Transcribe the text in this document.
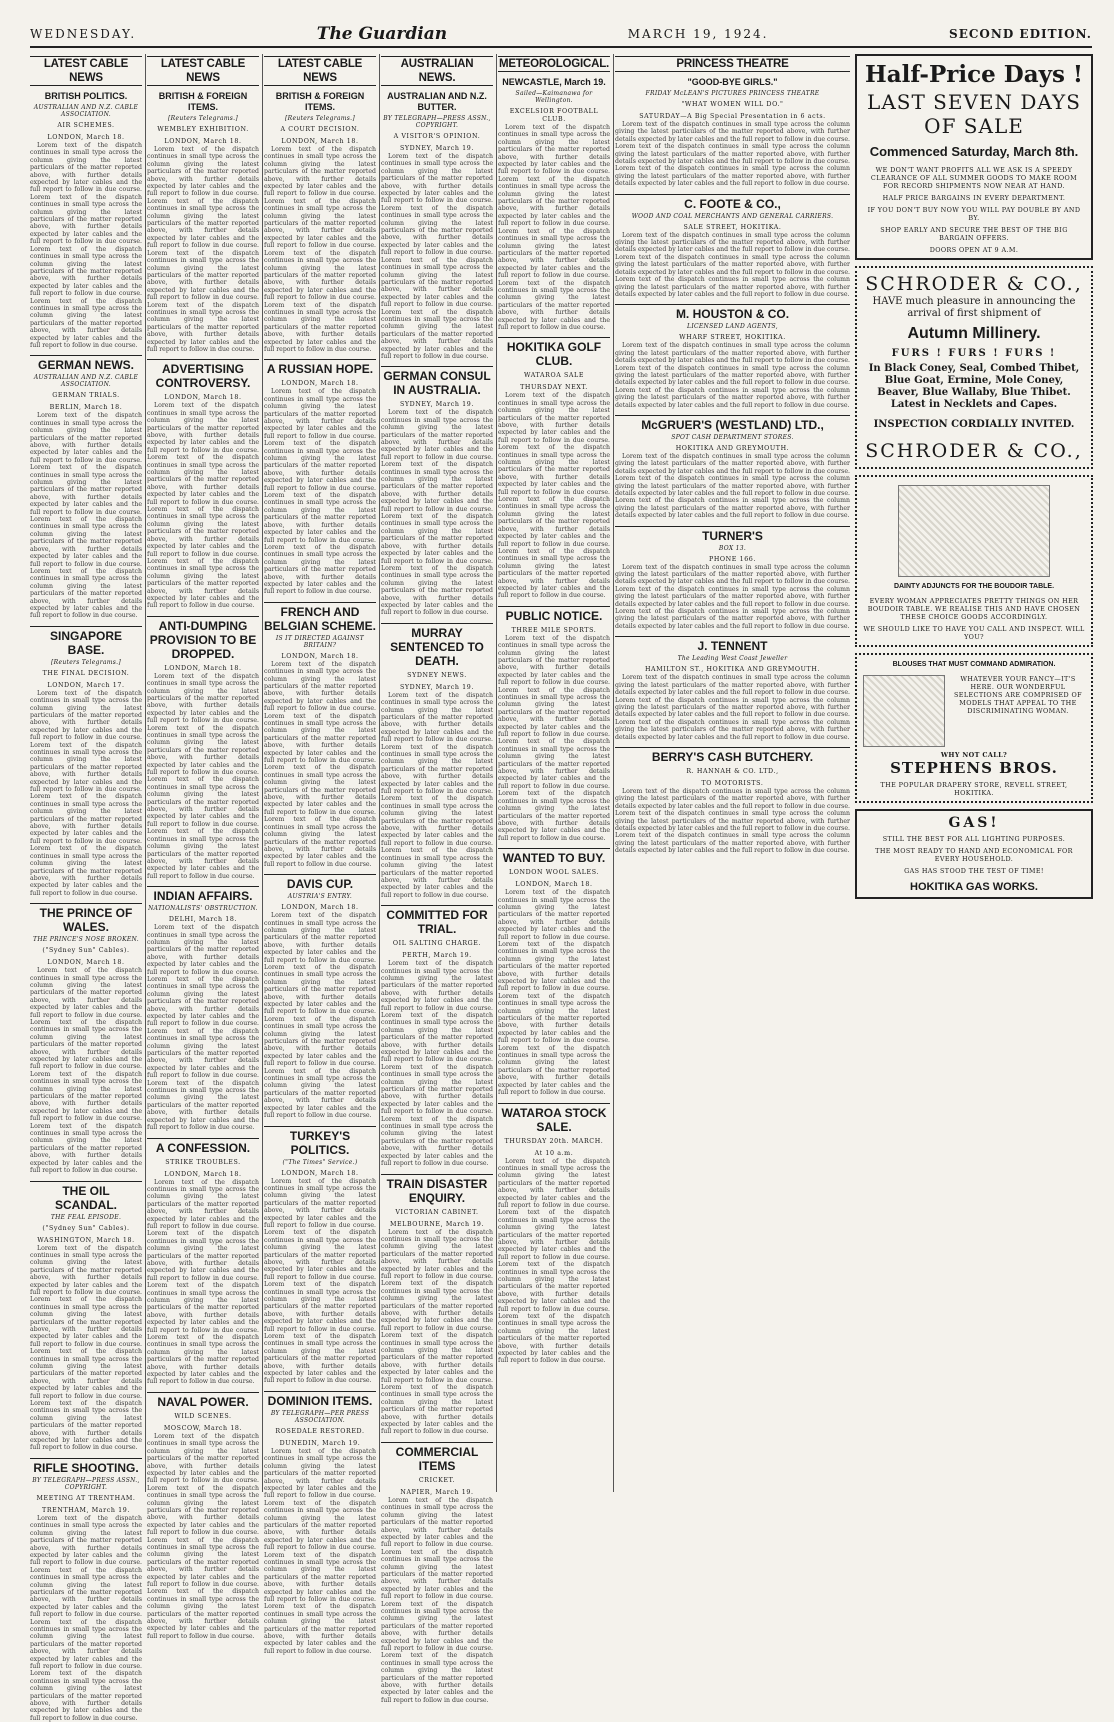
WEDNESDAY.	The Guardian	MARCH 19, 1924.	SECOND EDITION.
LATEST CABLE NEWS
BRITISH POLITICS.
AUSTRALIAN AND N.Z. CABLE ASSOCIATION.
AIR SCHEMES.
LONDON, March 18.
Lorem text of the dispatch continues in small type across the column giving the latest particulars of the matter reported above, with further details expected by later cables and the full report to follow in due course. Lorem text of the dispatch continues in small type across the column giving the latest particulars of the matter reported above, with further details expected by later cables and the full report to follow in due course. Lorem text of the dispatch continues in small type across the column giving the latest particulars of the matter reported above, with further details expected by later cables and the full report to follow in due course. Lorem text of the dispatch continues in small type across the column giving the latest particulars of the matter reported above, with further details expected by later cables and the full report to follow in due course.
GERMAN NEWS.
AUSTRALIAN AND N.Z. CABLE ASSOCIATION.
GERMAN TRIALS.
BERLIN, March 18.
Lorem text of the dispatch continues in small type across the column giving the latest particulars of the matter reported above, with further details expected by later cables and the full report to follow in due course. Lorem text of the dispatch continues in small type across the column giving the latest particulars of the matter reported above, with further details expected by later cables and the full report to follow in due course. Lorem text of the dispatch continues in small type across the column giving the latest particulars of the matter reported above, with further details expected by later cables and the full report to follow in due course. Lorem text of the dispatch continues in small type across the column giving the latest particulars of the matter reported above, with further details expected by later cables and the full report to follow in due course.
SINGAPORE BASE.
[Reuters Telegrams.]
THE FINAL DECISION.
LONDON, March 17.
Lorem text of the dispatch continues in small type across the column giving the latest particulars of the matter reported above, with further details expected by later cables and the full report to follow in due course. Lorem text of the dispatch continues in small type across the column giving the latest particulars of the matter reported above, with further details expected by later cables and the full report to follow in due course. Lorem text of the dispatch continues in small type across the column giving the latest particulars of the matter reported above, with further details expected by later cables and the full report to follow in due course. Lorem text of the dispatch continues in small type across the column giving the latest particulars of the matter reported above, with further details expected by later cables and the full report to follow in due course.
THE PRINCE OF WALES.
THE PRINCE'S NOSE BROKEN.
("Sydney Sun" Cables).
LONDON, March 18.
Lorem text of the dispatch continues in small type across the column giving the latest particulars of the matter reported above, with further details expected by later cables and the full report to follow in due course. Lorem text of the dispatch continues in small type across the column giving the latest particulars of the matter reported above, with further details expected by later cables and the full report to follow in due course. Lorem text of the dispatch continues in small type across the column giving the latest particulars of the matter reported above, with further details expected by later cables and the full report to follow in due course. Lorem text of the dispatch continues in small type across the column giving the latest particulars of the matter reported above, with further details expected by later cables and the full report to follow in due course.
THE OIL SCANDAL.
THE FEAL EPISODE.
("Sydney Sun" Cables).
WASHINGTON, March 18.
Lorem text of the dispatch continues in small type across the column giving the latest particulars of the matter reported above, with further details expected by later cables and the full report to follow in due course. Lorem text of the dispatch continues in small type across the column giving the latest particulars of the matter reported above, with further details expected by later cables and the full report to follow in due course. Lorem text of the dispatch continues in small type across the column giving the latest particulars of the matter reported above, with further details expected by later cables and the full report to follow in due course. Lorem text of the dispatch continues in small type across the column giving the latest particulars of the matter reported above, with further details expected by later cables and the full report to follow in due course.
RIFLE SHOOTING.
BY TELEGRAPH—PRESS ASSN., COPYRIGHT.
MEETING AT TRENTHAM.
TRENTHAM, March 19.
Lorem text of the dispatch continues in small type across the column giving the latest particulars of the matter reported above, with further details expected by later cables and the full report to follow in due course. Lorem text of the dispatch continues in small type across the column giving the latest particulars of the matter reported above, with further details expected by later cables and the full report to follow in due course. Lorem text of the dispatch continues in small type across the column giving the latest particulars of the matter reported above, with further details expected by later cables and the full report to follow in due course. Lorem text of the dispatch continues in small type across the column giving the latest particulars of the matter reported above, with further details expected by later cables and the full report to follow in due course.
LATEST CABLE NEWS
BRITISH & FOREIGN ITEMS.
[Reuters Telegrams.]
WEMBLEY EXHIBITION.
LONDON, March 18.
Lorem text of the dispatch continues in small type across the column giving the latest particulars of the matter reported above, with further details expected by later cables and the full report to follow in due course. Lorem text of the dispatch continues in small type across the column giving the latest particulars of the matter reported above, with further details expected by later cables and the full report to follow in due course. Lorem text of the dispatch continues in small type across the column giving the latest particulars of the matter reported above, with further details expected by later cables and the full report to follow in due course. Lorem text of the dispatch continues in small type across the column giving the latest particulars of the matter reported above, with further details expected by later cables and the full report to follow in due course.
ADVERTISING CONTROVERSY.
LONDON, March 18.
Lorem text of the dispatch continues in small type across the column giving the latest particulars of the matter reported above, with further details expected by later cables and the full report to follow in due course. Lorem text of the dispatch continues in small type across the column giving the latest particulars of the matter reported above, with further details expected by later cables and the full report to follow in due course. Lorem text of the dispatch continues in small type across the column giving the latest particulars of the matter reported above, with further details expected by later cables and the full report to follow in due course. Lorem text of the dispatch continues in small type across the column giving the latest particulars of the matter reported above, with further details expected by later cables and the full report to follow in due course.
ANTI-DUMPING PROVISION TO BE DROPPED.
LONDON, March 18.
Lorem text of the dispatch continues in small type across the column giving the latest particulars of the matter reported above, with further details expected by later cables and the full report to follow in due course. Lorem text of the dispatch continues in small type across the column giving the latest particulars of the matter reported above, with further details expected by later cables and the full report to follow in due course. Lorem text of the dispatch continues in small type across the column giving the latest particulars of the matter reported above, with further details expected by later cables and the full report to follow in due course. Lorem text of the dispatch continues in small type across the column giving the latest particulars of the matter reported above, with further details expected by later cables and the full report to follow in due course.
INDIAN AFFAIRS.
NATIONALISTS' OBSTRUCTION.
DELHI, March 18.
Lorem text of the dispatch continues in small type across the column giving the latest particulars of the matter reported above, with further details expected by later cables and the full report to follow in due course. Lorem text of the dispatch continues in small type across the column giving the latest particulars of the matter reported above, with further details expected by later cables and the full report to follow in due course. Lorem text of the dispatch continues in small type across the column giving the latest particulars of the matter reported above, with further details expected by later cables and the full report to follow in due course. Lorem text of the dispatch continues in small type across the column giving the latest particulars of the matter reported above, with further details expected by later cables and the full report to follow in due course.
A CONFESSION.
STRIKE TROUBLES.
LONDON, March 18.
Lorem text of the dispatch continues in small type across the column giving the latest particulars of the matter reported above, with further details expected by later cables and the full report to follow in due course. Lorem text of the dispatch continues in small type across the column giving the latest particulars of the matter reported above, with further details expected by later cables and the full report to follow in due course. Lorem text of the dispatch continues in small type across the column giving the latest particulars of the matter reported above, with further details expected by later cables and the full report to follow in due course. Lorem text of the dispatch continues in small type across the column giving the latest particulars of the matter reported above, with further details expected by later cables and the full report to follow in due course.
NAVAL POWER.
WILD SCENES.
MOSCOW, March 18.
Lorem text of the dispatch continues in small type across the column giving the latest particulars of the matter reported above, with further details expected by later cables and the full report to follow in due course. Lorem text of the dispatch continues in small type across the column giving the latest particulars of the matter reported above, with further details expected by later cables and the full report to follow in due course. Lorem text of the dispatch continues in small type across the column giving the latest particulars of the matter reported above, with further details expected by later cables and the full report to follow in due course. Lorem text of the dispatch continues in small type across the column giving the latest particulars of the matter reported above, with further details expected by later cables and the full report to follow in due course.
LATEST CABLE NEWS
BRITISH & FOREIGN ITEMS.
[Reuters Telegrams.]
A COURT DECISION.
LONDON, March 18.
Lorem text of the dispatch continues in small type across the column giving the latest particulars of the matter reported above, with further details expected by later cables and the full report to follow in due course. Lorem text of the dispatch continues in small type across the column giving the latest particulars of the matter reported above, with further details expected by later cables and the full report to follow in due course. Lorem text of the dispatch continues in small type across the column giving the latest particulars of the matter reported above, with further details expected by later cables and the full report to follow in due course. Lorem text of the dispatch continues in small type across the column giving the latest particulars of the matter reported above, with further details expected by later cables and the full report to follow in due course.
A RUSSIAN HOPE.
LONDON, March 18.
Lorem text of the dispatch continues in small type across the column giving the latest particulars of the matter reported above, with further details expected by later cables and the full report to follow in due course. Lorem text of the dispatch continues in small type across the column giving the latest particulars of the matter reported above, with further details expected by later cables and the full report to follow in due course. Lorem text of the dispatch continues in small type across the column giving the latest particulars of the matter reported above, with further details expected by later cables and the full report to follow in due course. Lorem text of the dispatch continues in small type across the column giving the latest particulars of the matter reported above, with further details expected by later cables and the full report to follow in due course.
FRENCH AND BELGIAN SCHEME.
IS IT DIRECTED AGAINST BRITAIN?
LONDON, March 18.
Lorem text of the dispatch continues in small type across the column giving the latest particulars of the matter reported above, with further details expected by later cables and the full report to follow in due course. Lorem text of the dispatch continues in small type across the column giving the latest particulars of the matter reported above, with further details expected by later cables and the full report to follow in due course. Lorem text of the dispatch continues in small type across the column giving the latest particulars of the matter reported above, with further details expected by later cables and the full report to follow in due course. Lorem text of the dispatch continues in small type across the column giving the latest particulars of the matter reported above, with further details expected by later cables and the full report to follow in due course.
DAVIS CUP.
AUSTRIA'S ENTRY.
LONDON, March 18.
Lorem text of the dispatch continues in small type across the column giving the latest particulars of the matter reported above, with further details expected by later cables and the full report to follow in due course. Lorem text of the dispatch continues in small type across the column giving the latest particulars of the matter reported above, with further details expected by later cables and the full report to follow in due course. Lorem text of the dispatch continues in small type across the column giving the latest particulars of the matter reported above, with further details expected by later cables and the full report to follow in due course. Lorem text of the dispatch continues in small type across the column giving the latest particulars of the matter reported above, with further details expected by later cables and the full report to follow in due course.
TURKEY'S POLITICS.
("The Times" Service.)
LONDON, March 18.
Lorem text of the dispatch continues in small type across the column giving the latest particulars of the matter reported above, with further details expected by later cables and the full report to follow in due course. Lorem text of the dispatch continues in small type across the column giving the latest particulars of the matter reported above, with further details expected by later cables and the full report to follow in due course. Lorem text of the dispatch continues in small type across the column giving the latest particulars of the matter reported above, with further details expected by later cables and the full report to follow in due course. Lorem text of the dispatch continues in small type across the column giving the latest particulars of the matter reported above, with further details expected by later cables and the full report to follow in due course.
DOMINION ITEMS.
BY TELEGRAPH—PER PRESS ASSOCIATION.
ROSEDALE RESTORED.
DUNEDIN, March 19.
Lorem text of the dispatch continues in small type across the column giving the latest particulars of the matter reported above, with further details expected by later cables and the full report to follow in due course. Lorem text of the dispatch continues in small type across the column giving the latest particulars of the matter reported above, with further details expected by later cables and the full report to follow in due course. Lorem text of the dispatch continues in small type across the column giving the latest particulars of the matter reported above, with further details expected by later cables and the full report to follow in due course. Lorem text of the dispatch continues in small type across the column giving the latest particulars of the matter reported above, with further details expected by later cables and the full report to follow in due course.
AUSTRALIAN NEWS.
AUSTRALIAN AND N.Z. BUTTER.
BY TELEGRAPH—PRESS ASSN., COPYRIGHT.
A VISITOR'S OPINION.
SYDNEY, March 19.
Lorem text of the dispatch continues in small type across the column giving the latest particulars of the matter reported above, with further details expected by later cables and the full report to follow in due course. Lorem text of the dispatch continues in small type across the column giving the latest particulars of the matter reported above, with further details expected by later cables and the full report to follow in due course. Lorem text of the dispatch continues in small type across the column giving the latest particulars of the matter reported above, with further details expected by later cables and the full report to follow in due course. Lorem text of the dispatch continues in small type across the column giving the latest particulars of the matter reported above, with further details expected by later cables and the full report to follow in due course.
GERMAN CONSUL IN AUSTRALIA.
SYDNEY, March 19.
Lorem text of the dispatch continues in small type across the column giving the latest particulars of the matter reported above, with further details expected by later cables and the full report to follow in due course. Lorem text of the dispatch continues in small type across the column giving the latest particulars of the matter reported above, with further details expected by later cables and the full report to follow in due course. Lorem text of the dispatch continues in small type across the column giving the latest particulars of the matter reported above, with further details expected by later cables and the full report to follow in due course. Lorem text of the dispatch continues in small type across the column giving the latest particulars of the matter reported above, with further details expected by later cables and the full report to follow in due course.
MURRAY SENTENCED TO DEATH.
SYDNEY NEWS.
SYDNEY, March 19.
Lorem text of the dispatch continues in small type across the column giving the latest particulars of the matter reported above, with further details expected by later cables and the full report to follow in due course. Lorem text of the dispatch continues in small type across the column giving the latest particulars of the matter reported above, with further details expected by later cables and the full report to follow in due course. Lorem text of the dispatch continues in small type across the column giving the latest particulars of the matter reported above, with further details expected by later cables and the full report to follow in due course. Lorem text of the dispatch continues in small type across the column giving the latest particulars of the matter reported above, with further details expected by later cables and the full report to follow in due course.
COMMITTED FOR TRIAL.
OIL SALTING CHARGE.
PERTH, March 19.
Lorem text of the dispatch continues in small type across the column giving the latest particulars of the matter reported above, with further details expected by later cables and the full report to follow in due course. Lorem text of the dispatch continues in small type across the column giving the latest particulars of the matter reported above, with further details expected by later cables and the full report to follow in due course. Lorem text of the dispatch continues in small type across the column giving the latest particulars of the matter reported above, with further details expected by later cables and the full report to follow in due course. Lorem text of the dispatch continues in small type across the column giving the latest particulars of the matter reported above, with further details expected by later cables and the full report to follow in due course.
TRAIN DISASTER ENQUIRY.
VICTORIAN CABINET.
MELBOURNE, March 19.
Lorem text of the dispatch continues in small type across the column giving the latest particulars of the matter reported above, with further details expected by later cables and the full report to follow in due course. Lorem text of the dispatch continues in small type across the column giving the latest particulars of the matter reported above, with further details expected by later cables and the full report to follow in due course. Lorem text of the dispatch continues in small type across the column giving the latest particulars of the matter reported above, with further details expected by later cables and the full report to follow in due course. Lorem text of the dispatch continues in small type across the column giving the latest particulars of the matter reported above, with further details expected by later cables and the full report to follow in due course.
COMMERCIAL ITEMS
CRICKET.
NAPIER, March 19.
Lorem text of the dispatch continues in small type across the column giving the latest particulars of the matter reported above, with further details expected by later cables and the full report to follow in due course. Lorem text of the dispatch continues in small type across the column giving the latest particulars of the matter reported above, with further details expected by later cables and the full report to follow in due course. Lorem text of the dispatch continues in small type across the column giving the latest particulars of the matter reported above, with further details expected by later cables and the full report to follow in due course. Lorem text of the dispatch continues in small type across the column giving the latest particulars of the matter reported above, with further details expected by later cables and the full report to follow in due course.
METEOROLOGICAL.
NEWCASTLE, March 19.
Sailed—Kaimanawa for Wellington.
EXCELSIOR FOOTBALL CLUB.
Lorem text of the dispatch continues in small type across the column giving the latest particulars of the matter reported above, with further details expected by later cables and the full report to follow in due course. Lorem text of the dispatch continues in small type across the column giving the latest particulars of the matter reported above, with further details expected by later cables and the full report to follow in due course. Lorem text of the dispatch continues in small type across the column giving the latest particulars of the matter reported above, with further details expected by later cables and the full report to follow in due course. Lorem text of the dispatch continues in small type across the column giving the latest particulars of the matter reported above, with further details expected by later cables and the full report to follow in due course.
HOKITIKA GOLF CLUB.
WATAROA SALE
THURSDAY NEXT.
Lorem text of the dispatch continues in small type across the column giving the latest particulars of the matter reported above, with further details expected by later cables and the full report to follow in due course. Lorem text of the dispatch continues in small type across the column giving the latest particulars of the matter reported above, with further details expected by later cables and the full report to follow in due course. Lorem text of the dispatch continues in small type across the column giving the latest particulars of the matter reported above, with further details expected by later cables and the full report to follow in due course. Lorem text of the dispatch continues in small type across the column giving the latest particulars of the matter reported above, with further details expected by later cables and the full report to follow in due course.
PUBLIC NOTICE.
THREE MILE SPORTS.
Lorem text of the dispatch continues in small type across the column giving the latest particulars of the matter reported above, with further details expected by later cables and the full report to follow in due course. Lorem text of the dispatch continues in small type across the column giving the latest particulars of the matter reported above, with further details expected by later cables and the full report to follow in due course. Lorem text of the dispatch continues in small type across the column giving the latest particulars of the matter reported above, with further details expected by later cables and the full report to follow in due course. Lorem text of the dispatch continues in small type across the column giving the latest particulars of the matter reported above, with further details expected by later cables and the full report to follow in due course.
WANTED TO BUY.
LONDON WOOL SALES.
LONDON, March 18.
Lorem text of the dispatch continues in small type across the column giving the latest particulars of the matter reported above, with further details expected by later cables and the full report to follow in due course. Lorem text of the dispatch continues in small type across the column giving the latest particulars of the matter reported above, with further details expected by later cables and the full report to follow in due course. Lorem text of the dispatch continues in small type across the column giving the latest particulars of the matter reported above, with further details expected by later cables and the full report to follow in due course. Lorem text of the dispatch continues in small type across the column giving the latest particulars of the matter reported above, with further details expected by later cables and the full report to follow in due course.
WATAROA STOCK SALE.
THURSDAY 20th. MARCH.
At 10 a.m.
Lorem text of the dispatch continues in small type across the column giving the latest particulars of the matter reported above, with further details expected by later cables and the full report to follow in due course. Lorem text of the dispatch continues in small type across the column giving the latest particulars of the matter reported above, with further details expected by later cables and the full report to follow in due course. Lorem text of the dispatch continues in small type across the column giving the latest particulars of the matter reported above, with further details expected by later cables and the full report to follow in due course. Lorem text of the dispatch continues in small type across the column giving the latest particulars of the matter reported above, with further details expected by later cables and the full report to follow in due course.
PRINCESS THEATRE
"GOOD-BYE GIRLS."
FRIDAY McLEAN'S PICTURES PRINCESS THEATRE
"WHAT WOMEN WILL DO."
SATURDAY—A Big Special Presentation in 6 acts.
Lorem text of the dispatch continues in small type across the column giving the latest particulars of the matter reported above, with further details expected by later cables and the full report to follow in due course. Lorem text of the dispatch continues in small type across the column giving the latest particulars of the matter reported above, with further details expected by later cables and the full report to follow in due course. Lorem text of the dispatch continues in small type across the column giving the latest particulars of the matter reported above, with further details expected by later cables and the full report to follow in due course.
C. FOOTE & CO.,
WOOD AND COAL MERCHANTS AND GENERAL CARRIERS.
SALE STREET, HOKITIKA.
Lorem text of the dispatch continues in small type across the column giving the latest particulars of the matter reported above, with further details expected by later cables and the full report to follow in due course. Lorem text of the dispatch continues in small type across the column giving the latest particulars of the matter reported above, with further details expected by later cables and the full report to follow in due course. Lorem text of the dispatch continues in small type across the column giving the latest particulars of the matter reported above, with further details expected by later cables and the full report to follow in due course.
M. HOUSTON & CO.
LICENSED LAND AGENTS,
WHARF STREET, HOKITIKA.
Lorem text of the dispatch continues in small type across the column giving the latest particulars of the matter reported above, with further details expected by later cables and the full report to follow in due course. Lorem text of the dispatch continues in small type across the column giving the latest particulars of the matter reported above, with further details expected by later cables and the full report to follow in due course. Lorem text of the dispatch continues in small type across the column giving the latest particulars of the matter reported above, with further details expected by later cables and the full report to follow in due course.
McGRUER'S (WESTLAND) LTD.,
SPOT CASH DEPARTMENT STORES.
HOKITIKA AND GREYMOUTH.
Lorem text of the dispatch continues in small type across the column giving the latest particulars of the matter reported above, with further details expected by later cables and the full report to follow in due course. Lorem text of the dispatch continues in small type across the column giving the latest particulars of the matter reported above, with further details expected by later cables and the full report to follow in due course. Lorem text of the dispatch continues in small type across the column giving the latest particulars of the matter reported above, with further details expected by later cables and the full report to follow in due course.
TURNER'S
BOX 13.
PHONE 166.
Lorem text of the dispatch continues in small type across the column giving the latest particulars of the matter reported above, with further details expected by later cables and the full report to follow in due course. Lorem text of the dispatch continues in small type across the column giving the latest particulars of the matter reported above, with further details expected by later cables and the full report to follow in due course. Lorem text of the dispatch continues in small type across the column giving the latest particulars of the matter reported above, with further details expected by later cables and the full report to follow in due course.
J. TENNENT
The Leading West Coast Jeweller
HAMILTON ST., HOKITIKA AND GREYMOUTH.
Lorem text of the dispatch continues in small type across the column giving the latest particulars of the matter reported above, with further details expected by later cables and the full report to follow in due course. Lorem text of the dispatch continues in small type across the column giving the latest particulars of the matter reported above, with further details expected by later cables and the full report to follow in due course. Lorem text of the dispatch continues in small type across the column giving the latest particulars of the matter reported above, with further details expected by later cables and the full report to follow in due course.
BERRY'S CASH BUTCHERY.
R. HANNAH & CO. LTD.,
TO MOTORISTS.
Lorem text of the dispatch continues in small type across the column giving the latest particulars of the matter reported above, with further details expected by later cables and the full report to follow in due course. Lorem text of the dispatch continues in small type across the column giving the latest particulars of the matter reported above, with further details expected by later cables and the full report to follow in due course. Lorem text of the dispatch continues in small type across the column giving the latest particulars of the matter reported above, with further details expected by later cables and the full report to follow in due course.
Half-Price Days !
LAST SEVEN DAYS
OF SALE
Commenced Saturday, March 8th.
WE DON'T WANT PROFITS ALL WE ASK IS A SPEEDY CLEARANCE OF ALL SUMMER GOODS TO MAKE ROOM FOR RECORD SHIPMENTS NOW NEAR AT HAND.
HALF PRICE BARGAINS IN EVERY DEPARTMENT.
IF YOU DON'T BUY NOW YOU WILL PAY DOUBLE BY AND BY.
SHOP EARLY AND SECURE THE BEST OF THE BIG BARGAIN OFFERS.
DOORS OPEN AT 9 A.M.
SCHRODER & CO.,
HAVE much pleasure in announcing the arrival of first shipment of
Autumn Millinery.
FURS ! FURS ! FURS !
In Black Coney, Seal, Combed Thibet, Blue Goat, Ermine, Mole Coney, Beaver, Blue Wallaby, Blue Thibet. Latest in Necklets and Capes.
INSPECTION CORDIALLY INVITED.
SCHRODER & CO.,
DAINTY ADJUNCTS FOR THE BOUDOIR TABLE.
EVERY WOMAN APPRECIATES PRETTY THINGS ON HER BOUDOIR TABLE. WE REALISE THIS AND HAVE CHOSEN THESE CHOICE GOODS ACCORDINGLY.
WE SHOULD LIKE TO HAVE YOU CALL AND INSPECT. WILL YOU?
BLOUSES THAT MUST COMMAND ADMIRATION.
WHATEVER YOUR FANCY—IT'S HERE. OUR WONDERFUL SELECTIONS ARE COMPRISED OF MODELS THAT APPEAL TO THE DISCRIMINATING WOMAN.
WHY NOT CALL?
STEPHENS BROS.
THE POPULAR DRAPERY STORE, REVELL STREET, HOKITIKA.
GAS!
STILL THE BEST FOR ALL LIGHTING PURPOSES.
THE MOST READY TO HAND AND ECONOMICAL FOR EVERY HOUSEHOLD.
GAS HAS STOOD THE TEST OF TIME!
HOKITIKA GAS WORKS.
